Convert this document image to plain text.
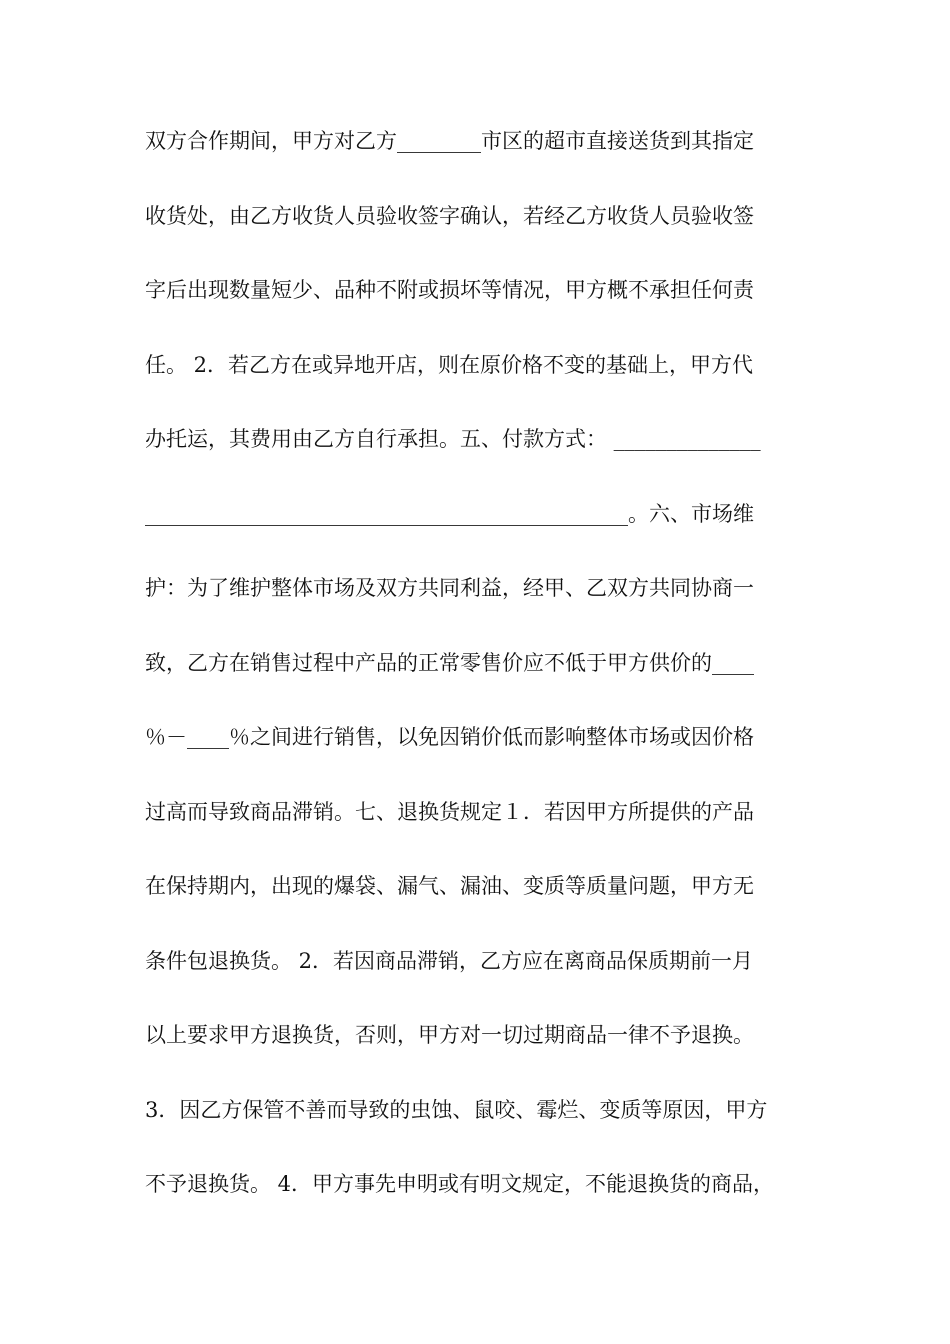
双方合作期间，甲方对乙方________市区的超市直接送货到其指定
收货处，由乙方收货人员验收签字确认，若经乙方收货人员验收签
字后出现数量短少、品种不附或损坏等情况，甲方概不承担任何责
任。 2．若乙方在或异地开店，则在原价格不变的基础上，甲方代
办托运，其费用由乙方自行承担。五、付款方式： ______________
______________________________________________。六、市场维
护：为了维护整体市场及双方共同利益，经甲、乙双方共同协商一
致，乙方在销售过程中产品的正常零售价应不低于甲方供价的____
％－____％之间进行销售，以免因销价低而影响整体市场或因价格
过高而导致商品滞销。七、退换货规定１．若因甲方所提供的产品
在保持期内，出现的爆袋、漏气、漏油、变质等质量问题，甲方无
条件包退换货。 2．若因商品滞销，乙方应在离商品保质期前一月
以上要求甲方退换货，否则，甲方对一切过期商品一律不予退换。
3．因乙方保管不善而导致的虫蚀、鼠咬、霉烂、变质等原因，甲方
不予退换货。 4．甲方事先申明或有明文规定，不能退换货的商品，
